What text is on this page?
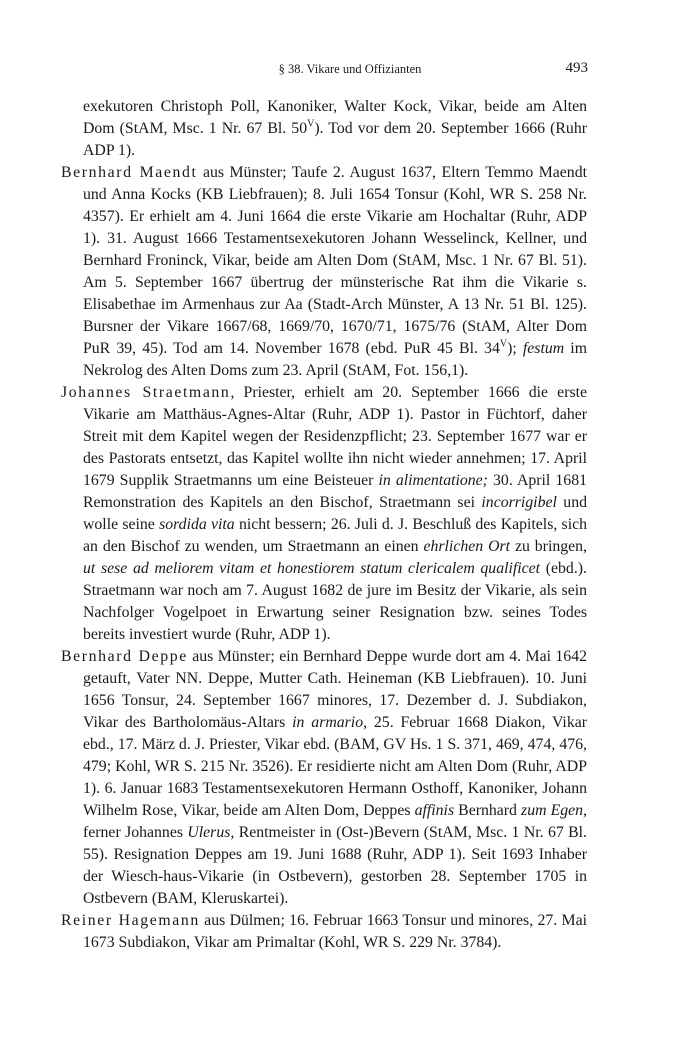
§ 38. Vikare und Offizianten	493

exekutoren Christoph Poll, Kanoniker, Walter Kock, Vikar, beide am Alten Dom (StAM, Msc. 1 Nr. 67 Bl. $50^V$). Tod vor dem 20. September 1666 (Ruhr ADP 1).

Bernhard Maendt aus Münster; Taufe 2. August 1637, Eltern Temmo Maendt und Anna Kocks (KB Liebfrauen); 8. Juli 1654 Tonsur (Kohl, WR S. 258 Nr. 4357). Er erhielt am 4. Juni 1664 die erste Vikarie am Hochaltar (Ruhr, ADP 1). 31. August 1666 Testamentsexekutoren Johann Wesselinck, Kellner, und Bernhard Froninck, Vikar, beide am Alten Dom (StAM, Msc. 1 Nr. 67 Bl. 51). Am 5. September 1667 übertrug der münsterische Rat ihm die Vikarie s. Elisabethae im Armenhaus zur Aa (Stadt-Arch Münster, A 13 Nr. 51 Bl. 125). Bursner der Vikare 1667/68, 1669/70, 1670/71, 1675/76 (StAM, Alter Dom PuR 39, 45). Tod am 14. November 1678 (ebd. PuR 45 Bl. $34^V$); festum im Nekrolog des Alten Doms zum 23. April (StAM, Fot. 156,1).

Johannes Straetmann, Priester, erhielt am 20. September 1666 die erste Vikarie am Matthäus-Agnes-Altar (Ruhr, ADP 1). Pastor in Füchtorf, daher Streit mit dem Kapitel wegen der Residenzpflicht; 23. September 1677 war er des Pastorats entsetzt, das Kapitel wollte ihn nicht wieder annehmen; 17. April 1679 Supplik Straetmanns um eine Beisteuer in alimentatione; 30. April 1681 Remonstration des Kapitels an den Bischof, Straetmann sei incorrigibel und wolle seine sordida vita nicht bessern; 26. Juli d. J. Beschluß des Kapitels, sich an den Bischof zu wenden, um Straetmann an einen ehrlichen Ort zu bringen, ut sese ad meliorem vitam et honestiorem statum clericalem qualificet (ebd.). Straetmann war noch am 7. August 1682 de jure im Besitz der Vikarie, als sein Nachfolger Vogelpoet in Erwartung seiner Resignation bzw. seines Todes bereits investiert wurde (Ruhr, ADP 1).

Bernhard Deppe aus Münster; ein Bernhard Deppe wurde dort am 4. Mai 1642 getauft, Vater NN. Deppe, Mutter Cath. Heineman (KB Liebfrauen). 10. Juni 1656 Tonsur, 24. September 1667 minores, 17. Dezember d. J. Subdiakon, Vikar des Bartholomäus-Altars in armario, 25. Februar 1668 Diakon, Vikar ebd., 17. März d. J. Priester, Vikar ebd. (BAM, GV Hs. 1 S. 371, 469, 474, 476, 479; Kohl, WR S. 215 Nr. 3526). Er residierte nicht am Alten Dom (Ruhr, ADP 1). 6. Januar 1683 Testamentsexekutoren Hermann Osthoff, Kanoniker, Johann Wilhelm Rose, Vikar, beide am Alten Dom, Deppes affinis Bernhard zum Egen, ferner Johannes Ulerus, Rentmeister in (Ost-)Bevern (StAM, Msc. 1 Nr. 67 Bl. 55). Resignation Deppes am 19. Juni 1688 (Ruhr, ADP 1). Seit 1693 Inhaber der Wiesch-haus-Vikarie (in Ostbevern), gestorben 28. September 1705 in Ostbevern (BAM, Kleruskartei).

Reiner Hagemann aus Dülmen; 16. Februar 1663 Tonsur und minores, 27. Mai 1673 Subdiakon, Vikar am Primaltar (Kohl, WR S. 229 Nr. 3784).
